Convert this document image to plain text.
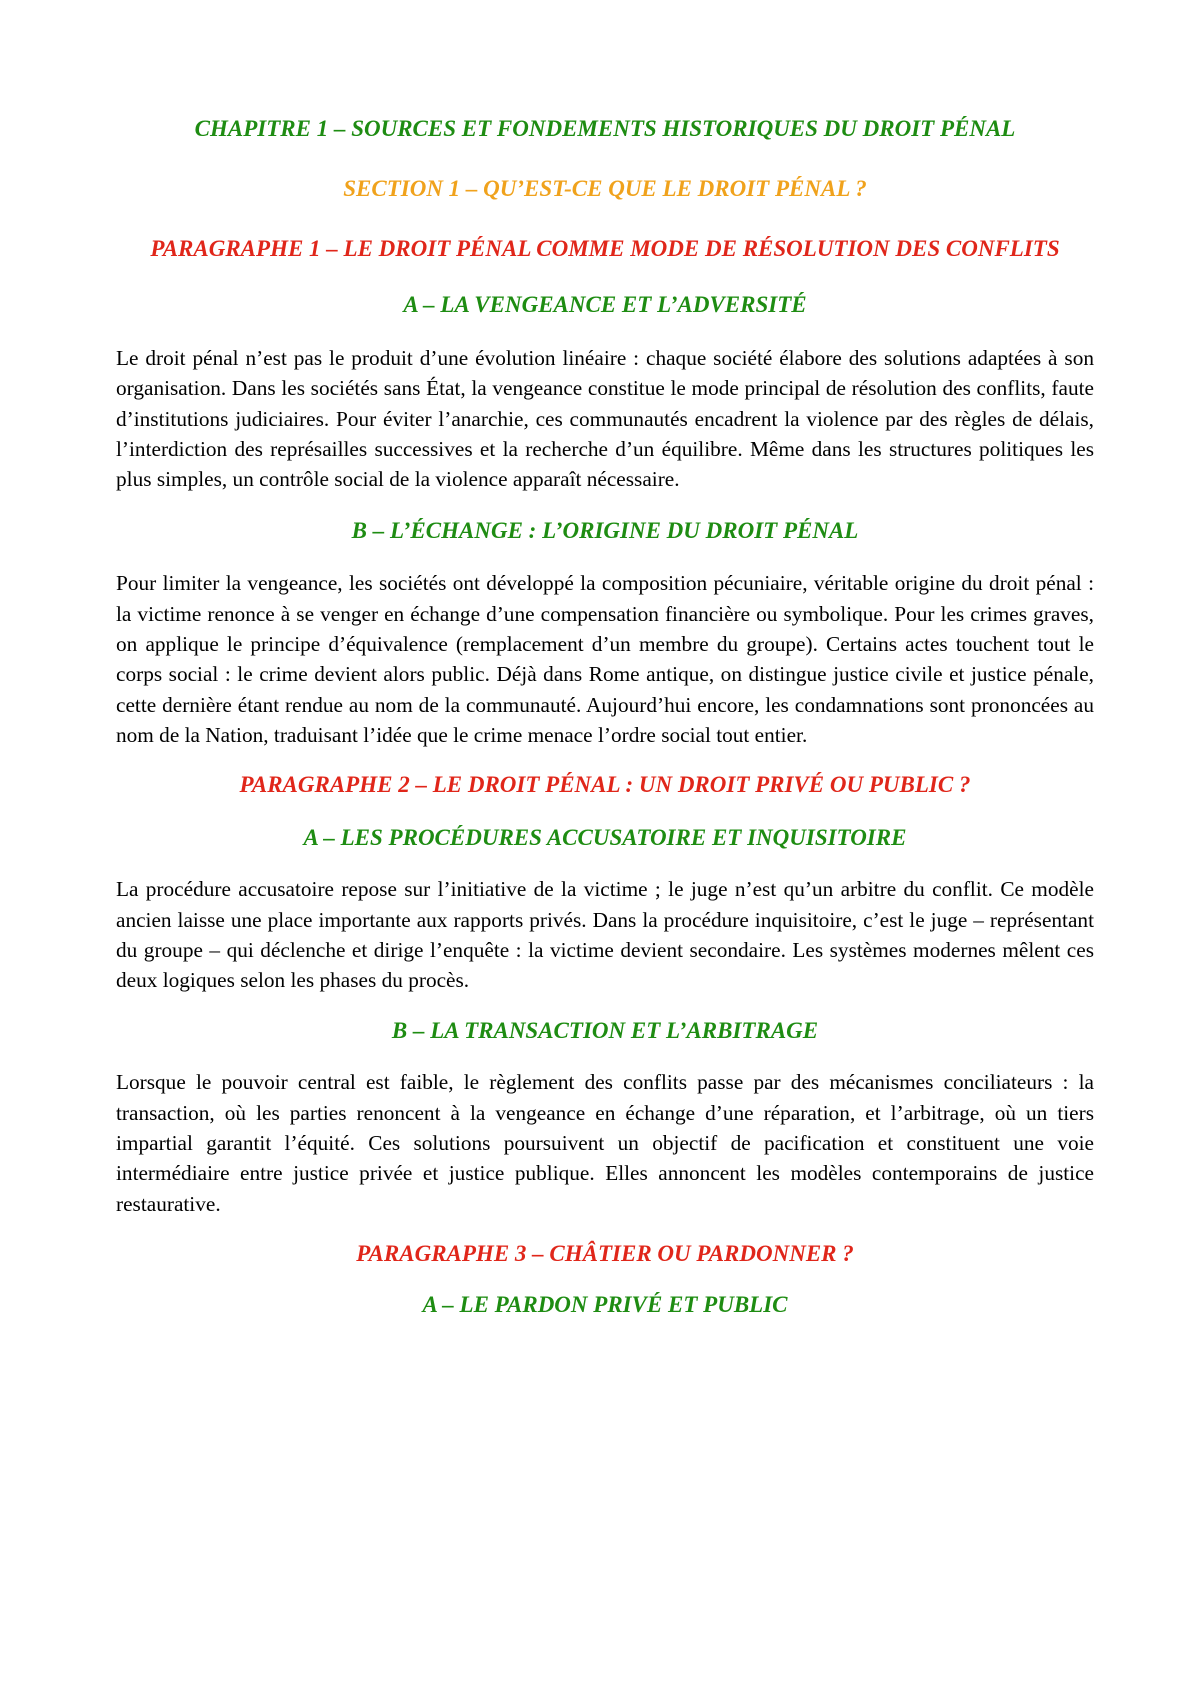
CHAPITRE 1 – SOURCES ET FONDEMENTS HISTORIQUES DU DROIT PÉNAL
SECTION 1 – QU’EST-CE QUE LE DROIT PÉNAL ?
PARAGRAPHE 1 – LE DROIT PÉNAL COMME MODE DE RÉSOLUTION DES CONFLITS
A – LA VENGEANCE ET L’ADVERSITÉ

Le droit pénal n’est pas le produit d’une évolution linéaire : chaque société élabore des solutions adaptées à son organisation. Dans les sociétés sans État, la vengeance constitue le mode principal de résolution des conflits, faute d’institutions judiciaires. Pour éviter l’anarchie, ces communautés encadrent la violence par des règles de délais, l’interdiction des représailles successives et la recherche d’un équilibre. Même dans les structures politiques les plus simples, un contrôle social de la violence apparaît nécessaire.

B – L’ÉCHANGE : L’ORIGINE DU DROIT PÉNAL

Pour limiter la vengeance, les sociétés ont développé la composition pécuniaire, véritable origine du droit pénal : la victime renonce à se venger en échange d’une compensation financière ou symbolique. Pour les crimes graves, on applique le principe d’équivalence (remplacement d’un membre du groupe). Certains actes touchent tout le corps social : le crime devient alors public. Déjà dans Rome antique, on distingue justice civile et justice pénale, cette dernière étant rendue au nom de la communauté. Aujourd’hui encore, les condamnations sont prononcées au nom de la Nation, traduisant l’idée que le crime menace l’ordre social tout entier.

PARAGRAPHE 2 – LE DROIT PÉNAL : UN DROIT PRIVÉ OU PUBLIC ?
A – LES PROCÉDURES ACCUSATOIRE ET INQUISITOIRE

La procédure accusatoire repose sur l’initiative de la victime ; le juge n’est qu’un arbitre du conflit. Ce modèle ancien laisse une place importante aux rapports privés. Dans la procédure inquisitoire, c’est le juge – représentant du groupe – qui déclenche et dirige l’enquête : la victime devient secondaire. Les systèmes modernes mêlent ces deux logiques selon les phases du procès.

B – LA TRANSACTION ET L’ARBITRAGE

Lorsque le pouvoir central est faible, le règlement des conflits passe par des mécanismes conciliateurs : la transaction, où les parties renoncent à la vengeance en échange d’une réparation, et l’arbitrage, où un tiers impartial garantit l’équité. Ces solutions poursuivent un objectif de pacification et constituent une voie intermédiaire entre justice privée et justice publique. Elles annoncent les modèles contemporains de justice restaurative.

PARAGRAPHE 3 – CHÂTIER OU PARDONNER ?
A – LE PARDON PRIVÉ ET PUBLIC
